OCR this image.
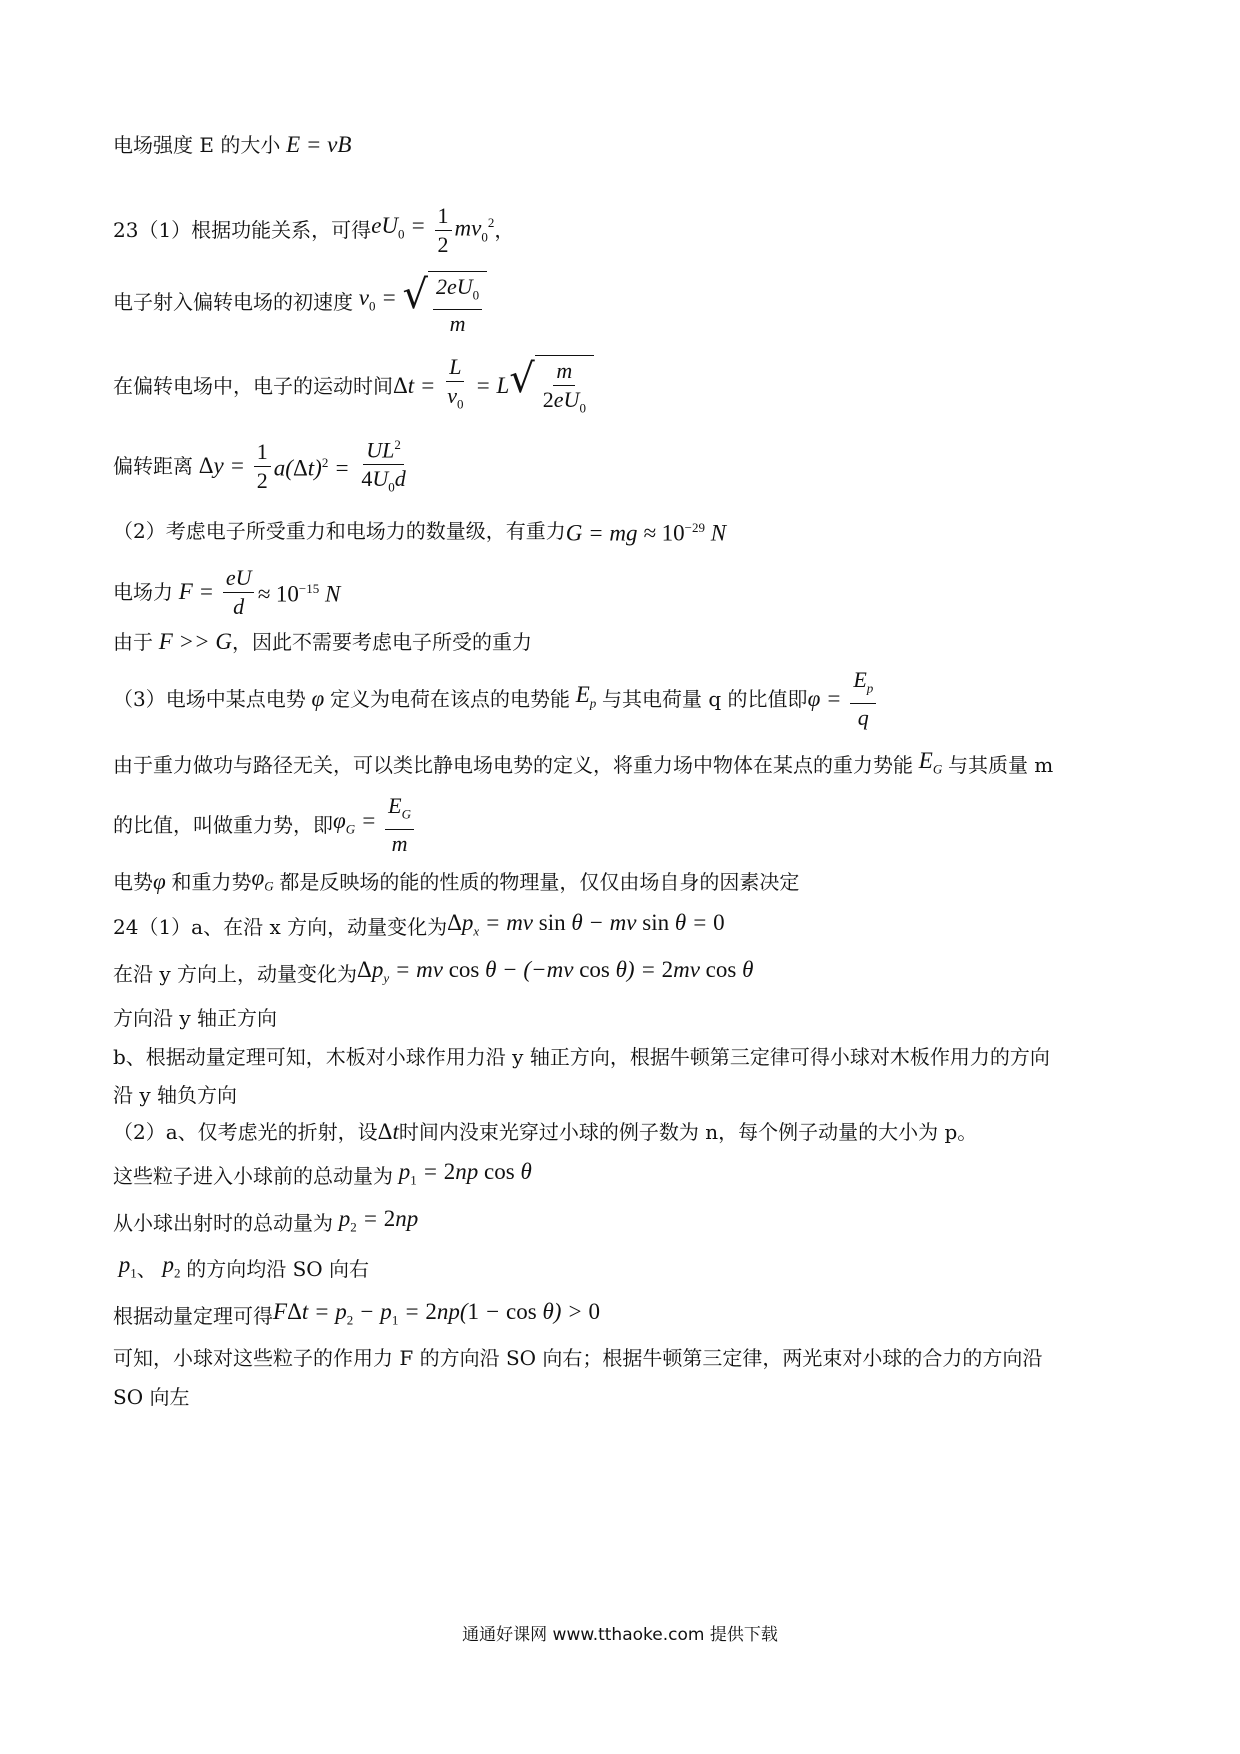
电场强度 E 的大小 E = vB
23（1）根据功能关系，可得 $eU_0 = \frac{1}{2} mv_0^2$ ，
电子射入偏转电场的初速度 $v_0$ = √ $\frac{2eU_0}{m}$
在偏转电场中，电子的运动时间 $\Delta t = \frac{L}{v_0} = L$ √ $\frac{m}{2eU_0}$
偏转距离 $\Delta y = \frac{1}{2} a(\Delta t)^2 = \frac{UL^2}{4U_0d}$
（2）考虑电子所受重力和电场力的数量级，有重力 G = mg ≈ $10^{-29}$ N
电场力 $F = \frac{eU}{d} \approx 10^{-15}$ N
由于 F >> G ，因此不需要考虑电子所受的重力
（3）电场中某点电势 φ 定义为电荷在该点的电势能 $E_p$ 与其电荷量 q 的比值即 $\varphi = \frac{E_p}{q}$
由于重力做功与路径无关，可以类比静电场电势的定义，将重力场中物体在某点的重力势能 $E_G$ 与其质量 m
的比值，叫做重力势，即 $\varphi_G = \frac{E_G}{m}$
电势 φ 和重力势 $\varphi_G$ 都是反映场的能的性质的物理量，仅仅由场自身的因素决定
24（1）a、在沿 x 方向，动量变化为 $\Delta p_x$ = mv sin θ − mv sin θ = 0
在沿 y 方向上，动量变化为 $\Delta p_y$ = mv cos θ − (−mv cos θ) = 2mv cos θ
方向沿 y 轴正方向
b、根据动量定理可知，木板对小球作用力沿 y 轴正方向，根据牛顿第三定律可得小球对木板作用力的方向
沿 y 轴负方向
（2）a、仅考虑光的折射，设 Δt 时间内没束光穿过小球的例子数为 n，每个例子动量的大小为 p。
这些粒子进入小球前的总动量为 $p_1 = 2np$ cos θ
从小球出射时的总动量为 $p_2 = 2np$
$p_1$ 、 $p_2$ 的方向均沿 SO 向右
根据动量定理可得 $F\Delta t = p_2 - p_1 = 2np(1 - \cos \theta) > 0$
可知，小球对这些粒子的作用力 F 的方向沿 SO 向右；根据牛顿第三定律，两光束对小球的合力的方向沿
SO 向左
通通好课网 www.tthaoke.com 提供下载
